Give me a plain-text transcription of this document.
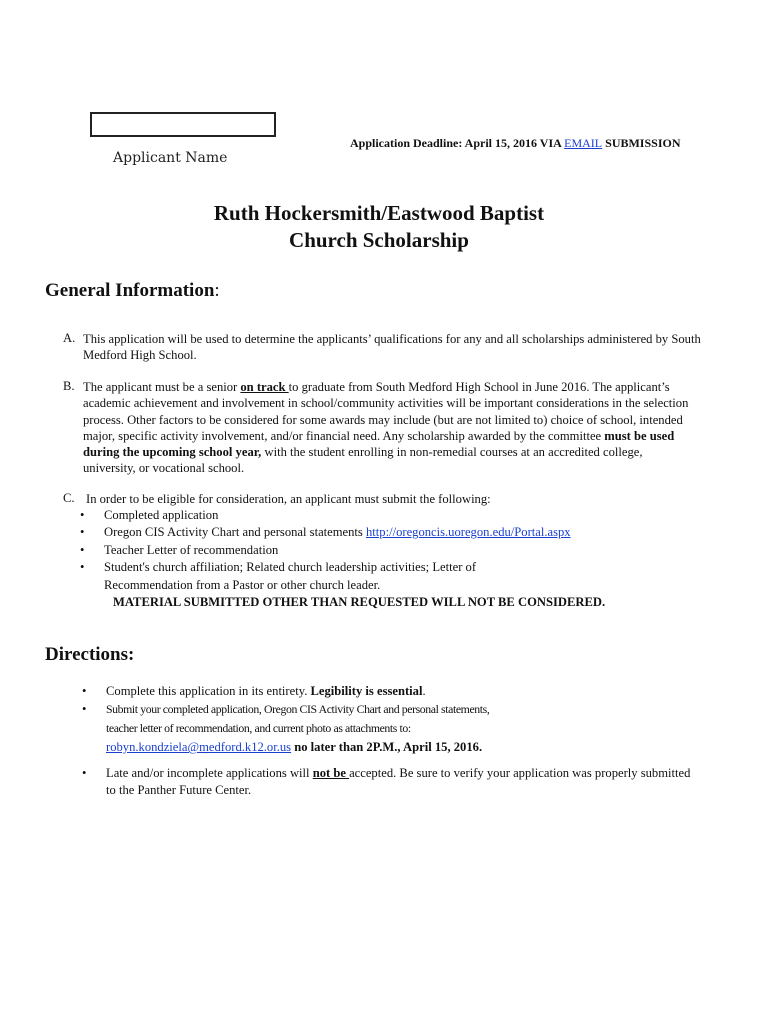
Applicant Name
Application Deadline: April 15, 2016 VIA EMAIL SUBMISSION
Ruth Hockersmith/Eastwood Baptist
Church Scholarship
General Information:
A. This application will be used to determine the applicants’ qualifications for any and all scholarships administered by South Medford High School.
B. The applicant must be a senior on track to graduate from South Medford High School in June 2016. The applicant’s academic achievement and involvement in school/community activities will be important considerations in the selection process. Other factors to be considered for some awards may include (but are not limited to) choice of school, intended major, specific activity involvement, and/or financial need. Any scholarship awarded by the committee must be used during the upcoming school year, with the student enrolling in non-remedial courses at an accredited college, university, or vocational school.
C. In order to be eligible for consideration, an applicant must submit the following:
• Completed application
• Oregon CIS Activity Chart and personal statements http://oregoncis.uoregon.edu/Portal.aspx
• Teacher Letter of recommendation
• Student's church affiliation; Related church leadership activities; Letter of Recommendation from a Pastor or other church leader.
MATERIAL SUBMITTED OTHER THAN REQUESTED WILL NOT BE CONSIDERED.
Directions:
• Complete this application in its entirety. Legibility is essential.
• Submit your completed application, Oregon CIS Activity Chart and personal statements,
teacher letter of recommendation, and current photo as attachments to:
robyn.kondziela@medford.k12.or.us no later than 2P.M., April 15, 2016.
• Late and/or incomplete applications will not be accepted. Be sure to verify your application was properly submitted to the Panther Future Center.
